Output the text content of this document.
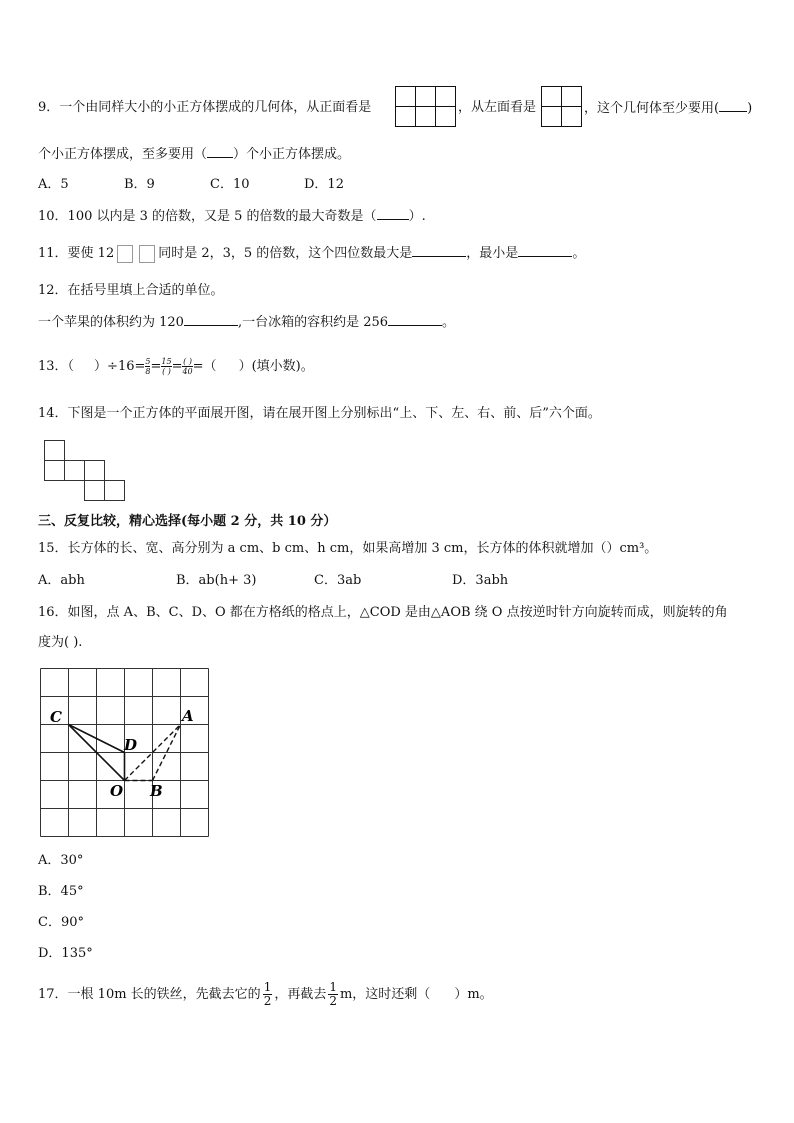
9．一个由同样大小的小正方体摆成的几何体，从正面看是	，从左面看是	，这个几何体至少要用( )
个小正方体摆成，至多要用（ ）个小正方体摆成。
A．5	B．9	C．10	D．12
10．100 以内是 3 的倍数，又是 5 的倍数的最大奇数是（ ）.
11．要使 12	同时是 2，3，5 的倍数，这个四位数最大是	，最小是	。
12．在括号里填上合适的单位。
一个苹果的体积约为 120	,一台冰箱的容积约是 256	。
13．（ ）$\div 16= \frac{5}{8} = 15$
( ) = ( )
40 =（ ）(填小数)。
14．下图是一个正方体的平面展开图，请在展开图上分别标出“上、下、左、右、前、后”六个面。
三、反复比较，精心选择(每小题 2 分，共 10 分）
15．长方体的长、宽、高分别为 a cm、b cm、h cm，如果高增加 3 cm，长方体的体积就增加（）cm³。
A．abh	B．ab(h+ 3)	C．3ab	D．3abh
16．如图，点 A、B、C、D、O 都在方格纸的格点上，△COD 是由△AOB 绕 O 点按逆时针方向旋转而成，则旋转的角
度为( ).
C
D
A
O B
A．30°
B．45°
C．90°
D．135°
17．一根 10m 长的铁丝，先截去它的 $\frac{1}{2}$ ，再截去 $\frac{1}{2}$ m，这时还剩（ ）m。
